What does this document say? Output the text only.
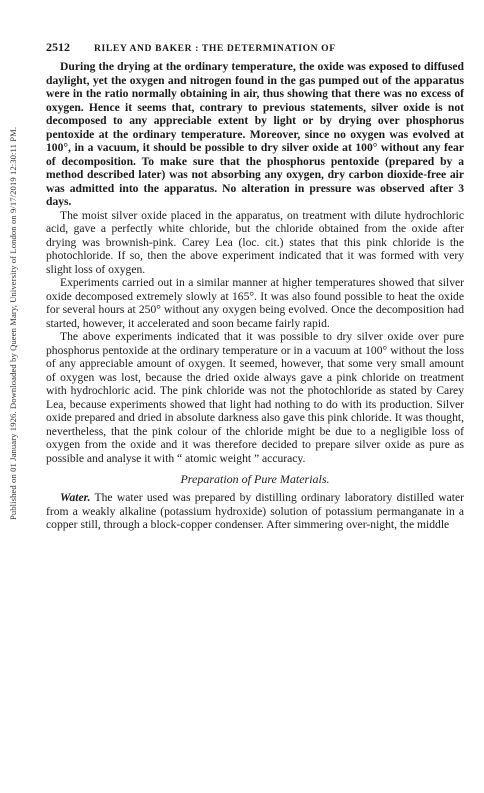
Published on 01 January 1926. Downloaded by Queen Mary, University of London on 9/17/2019 12:30:11 PM.
2512	RILEY AND BAKER : THE DETERMINATION OF

During the drying at the ordinary temperature, the oxide was exposed to diffused daylight, yet the oxygen and nitrogen found in the gas pumped out of the apparatus were in the ratio normally obtaining in air, thus showing that there was no excess of oxygen. Hence it seems that, contrary to previous statements, silver oxide is not decomposed to any appreciable extent by light or by drying over phosphorus pentoxide at the ordinary temperature. Moreover, since no oxygen was evolved at 100°, in a vacuum, it should be possible to dry silver oxide at 100° without any fear of decomposition. To make sure that the phosphorus pentoxide (prepared by a method described later) was not absorbing any oxygen, dry carbon dioxide-free air was admitted into the apparatus. No alteration in pressure was observed after 3 days.

The moist silver oxide placed in the apparatus, on treatment with dilute hydrochloric acid, gave a perfectly white chloride, but the chloride obtained from the oxide after drying was brownish-pink. Carey Lea (loc. cit.) states that this pink chloride is the photochloride. If so, then the above experiment indicated that it was formed with very slight loss of oxygen.

Experiments carried out in a similar manner at higher temperatures showed that silver oxide decomposed extremely slowly at 165°. It was also found possible to heat the oxide for several hours at 250° without any oxygen being evolved. Once the decomposition had started, however, it accelerated and soon became fairly rapid.

The above experiments indicated that it was possible to dry silver oxide over pure phosphorus pentoxide at the ordinary temperature or in a vacuum at 100° without the loss of any appreciable amount of oxygen. It seemed, however, that some very small amount of oxygen was lost, because the dried oxide always gave a pink chloride on treatment with hydrochloric acid. The pink chloride was not the photochloride as stated by Carey Lea, because experiments showed that light had nothing to do with its production. Silver oxide prepared and dried in absolute darkness also gave this pink chloride. It was thought, nevertheless, that the pink colour of the chloride might be due to a negligible loss of oxygen from the oxide and it was therefore decided to prepare silver oxide as pure as possible and analyse it with “ atomic weight ” accuracy.

Preparation of Pure Materials.

Water. The water used was prepared by distilling ordinary laboratory distilled water from a weakly alkaline (potassium hydroxide) solution of potassium permanganate in a copper still, through a block-copper condenser. After simmering over-night, the middle
